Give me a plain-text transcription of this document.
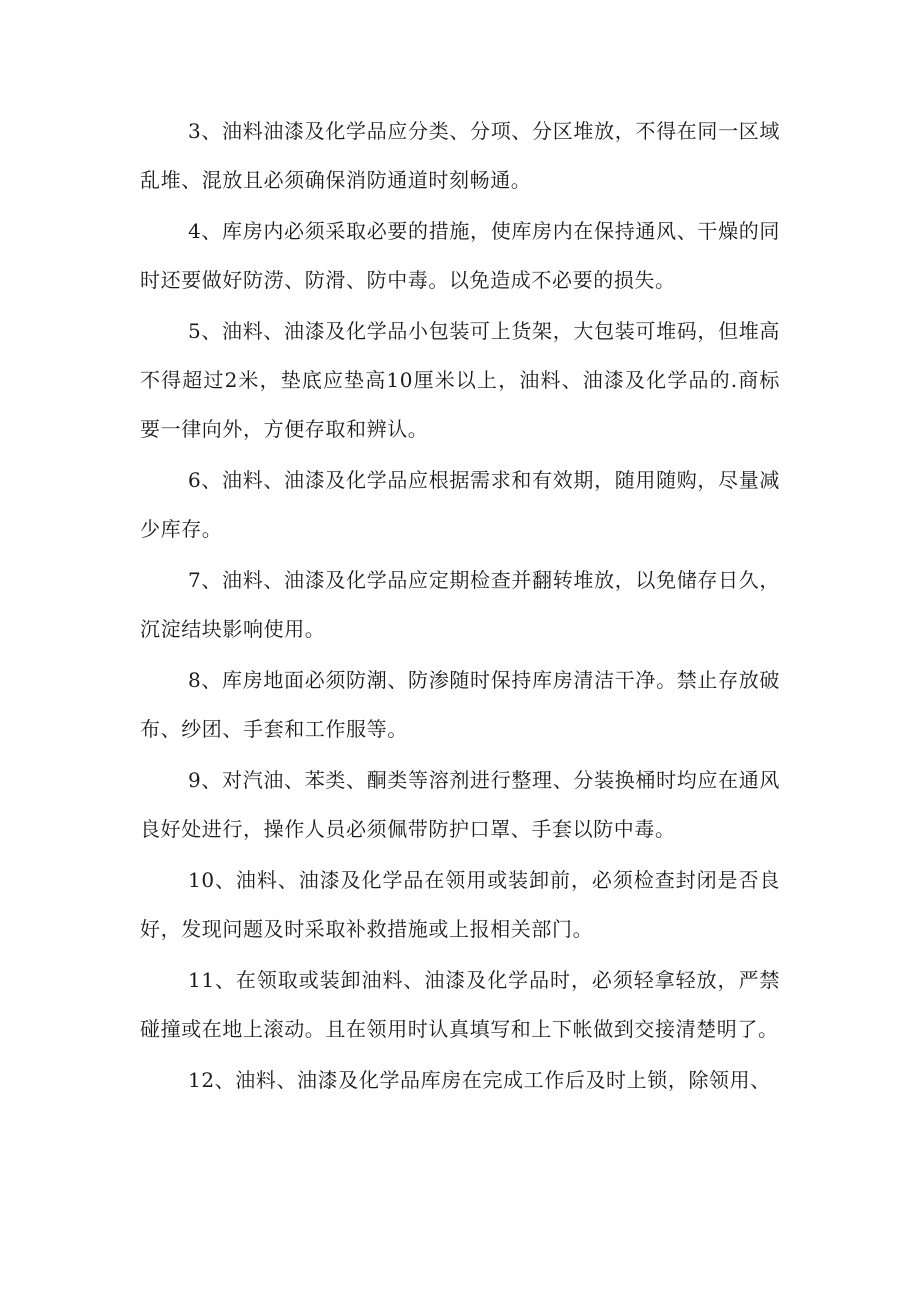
3、油料油漆及化学品应分类、分项、分区堆放，不得在同一区域乱堆、混放且必须确保消防通道时刻畅通。

4、库房内必须采取必要的措施，使库房内在保持通风、干燥的同时还要做好防涝、防滑、防中毒。以免造成不必要的损失。

5、油料、油漆及化学品小包装可上货架，大包装可堆码，但堆高不得超过2米，垫底应垫高10厘米以上，油料、油漆及化学品的.商标要一律向外，方便存取和辨认。

6、油料、油漆及化学品应根据需求和有效期，随用随购，尽量减少库存。

7、油料、油漆及化学品应定期检查并翻转堆放，以免储存日久，沉淀结块影响使用。

8、库房地面必须防潮、防渗随时保持库房清洁干净。禁止存放破布、纱团、手套和工作服等。

9、对汽油、苯类、酮类等溶剂进行整理、分装换桶时均应在通风良好处进行，操作人员必须佩带防护口罩、手套以防中毒。

10、油料、油漆及化学品在领用或装卸前，必须检查封闭是否良好，发现问题及时采取补救措施或上报相关部门。

11、在领取或装卸油料、油漆及化学品时，必须轻拿轻放，严禁碰撞或在地上滚动。且在领用时认真填写和上下帐做到交接清楚明了。

12、油料、油漆及化学品库房在完成工作后及时上锁，除领用、
